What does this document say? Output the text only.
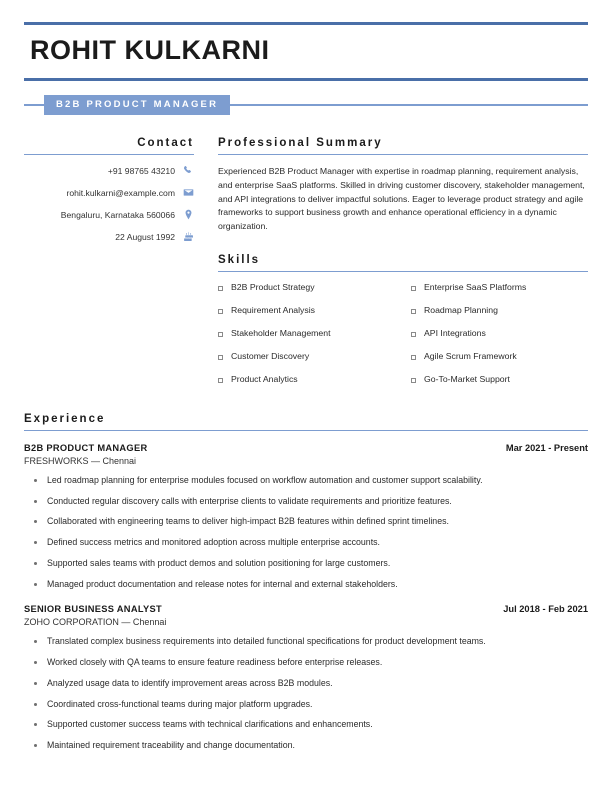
ROHIT KULKARNI
B2B PRODUCT MANAGER
Contact
+91 98765 43210
rohit.kulkarni@example.com
Bengaluru, Karnataka 560066
22 August 1992
Professional Summary
Experienced B2B Product Manager with expertise in roadmap planning, requirement analysis, and enterprise SaaS platforms. Skilled in driving customer discovery, stakeholder management, and API integrations to deliver impactful solutions. Eager to leverage product strategy and agile frameworks to support business growth and enhance operational efficiency in a dynamic organization.
Skills
B2B Product Strategy
Requirement Analysis
Stakeholder Management
Customer Discovery
Product Analytics
Enterprise SaaS Platforms
Roadmap Planning
API Integrations
Agile Scrum Framework
Go-To-Market Support
Experience
B2B PRODUCT MANAGER	Mar 2021 - Present
FRESHWORKS — Chennai
Led roadmap planning for enterprise modules focused on workflow automation and customer support scalability.
Conducted regular discovery calls with enterprise clients to validate requirements and prioritize features.
Collaborated with engineering teams to deliver high-impact B2B features within defined sprint timelines.
Defined success metrics and monitored adoption across multiple enterprise accounts.
Supported sales teams with product demos and solution positioning for large customers.
Managed product documentation and release notes for internal and external stakeholders.
SENIOR BUSINESS ANALYST	Jul 2018 - Feb 2021
ZOHO CORPORATION — Chennai
Translated complex business requirements into detailed functional specifications for product development teams.
Worked closely with QA teams to ensure feature readiness before enterprise releases.
Analyzed usage data to identify improvement areas across B2B modules.
Coordinated cross-functional teams during major platform upgrades.
Supported customer success teams with technical clarifications and enhancements.
Maintained requirement traceability and change documentation.
